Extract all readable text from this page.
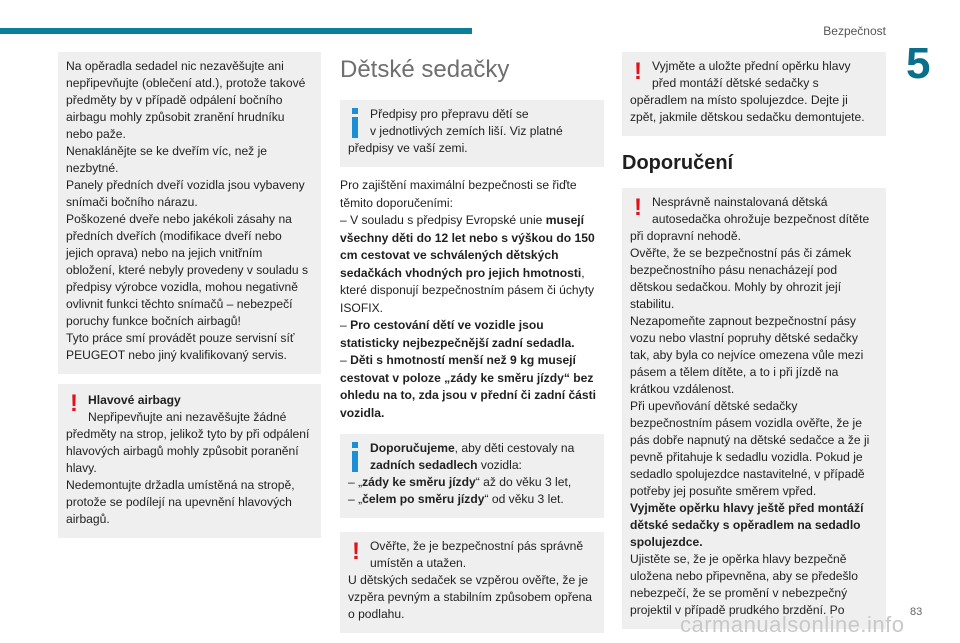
Bezpečnost
5

Na opěradla sedadel nic nezavěšujte ani nepřipevňujte (oblečení atd.), protože takové předměty by v případě odpálení bočního airbagu mohly způsobit zranění hrudníku nebo paže.

Nenaklánějte se ke dveřím víc, než je nezbytné.

Panely předních dveří vozidla jsou vybaveny snímači bočního nárazu.

Poškozené dveře nebo jakékoli zásahy na předních dveřích (modifikace dveří nebo jejich oprava) nebo na jejich vnitřním obložení, které nebyly provedeny v souladu s předpisy výrobce vozidla, mohou negativně ovlivnit funkci těchto snímačů – nebezpečí poruchy funkce bočních airbagů!

Tyto práce smí provádět pouze servisní síť PEUGEOT nebo jiný kvalifikovaný servis.

! Hlavové airbagy
Nepřipevňujte ani nezavěšujte žádné

předměty na strop, jelikož tyto by při odpálení hlavových airbagů mohly způsobit poranění hlavy.

Nedemontujte držadla umístěná na stropě, protože se podílejí na upevnění hlavových airbagů.

Dětské sedačky
Předpisy pro přepravu dětí se
v jednotlivých zemích liší. Viz platné

předpisy ve vaší zemi.

Pro zajištění maximální bezpečnosti se řiďte těmito doporučeními:

– V souladu s předpisy Evropské unie musejí všechny děti do 12 let nebo s výškou do 150 cm cestovat ve schválených dětských sedačkách vhodných pro jejich hmotnosti, které disponují bezpečnostním pásem či úchyty ISOFIX.

– Pro cestování dětí ve vozidle jsou statisticky nejbezpečnější zadní sedadla.

– Děti s hmotností menší než 9 kg musejí cestovat v poloze „zády ke směru jízdy“ bez ohledu na to, zda jsou v přední či zadní části vozidla.

Doporučujeme, aby děti cestovaly na
zadních sedadlech vozidla:

– „zády ke směru jízdy“ až do věku 3 let,

– „čelem po směru jízdy“ od věku 3 let.

! Ověřte, že je bezpečnostní pás správně
umístěn a utažen.

U dětských sedaček se vzpěrou ověřte, že je vzpěra pevným a stabilním způsobem opřena o podlahu.

! Vyjměte a uložte přední opěrku hlavy
před montáží dětské sedačky s

opěradlem na místo spolujezdce. Dejte ji zpět, jakmile dětskou sedačku demontujete.

Doporučení
! Nesprávně nainstalovaná dětská
autosedačka ohrožuje bezpečnost dítěte

při dopravní nehodě.

Ověřte, že se bezpečnostní pás či zámek bezpečnostního pásu nenacházejí pod dětskou sedačkou. Mohly by ohrozit její stabilitu.

Nezapomeňte zapnout bezpečnostní pásy vozu nebo vlastní popruhy dětské sedačky tak, aby byla co nejvíce omezena vůle mezi pásem a tělem dítěte, a to i při jízdě na krátkou vzdálenost.

Při upevňování dětské sedačky bezpečnostním pásem vozidla ověřte, že je pás dobře napnutý na dětské sedačce a že ji pevně přitahuje k sedadlu vozidla. Pokud je sedadlo spolujezdce nastavitelné, v případě potřeby jej posuňte směrem vpřed.

Vyjměte opěrku hlavy ještě před montáží dětské sedačky s opěradlem na sedadlo spolujezdce.

Ujistěte se, že je opěrka hlavy bezpečně uložena nebo připevněna, aby se předešlo nebezpečí, že se promění v nebezpečný projektil v případě prudkého brzdění. Po

carmanualsonline.info 83
